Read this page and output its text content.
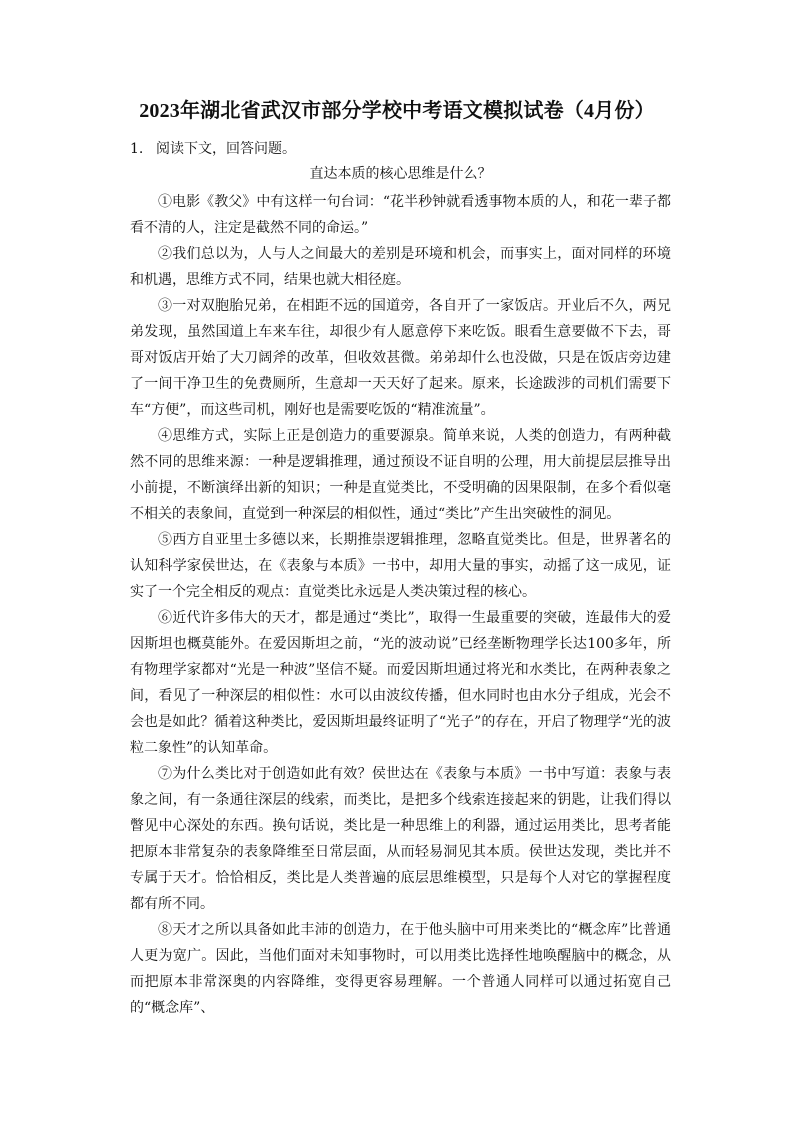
2023年湖北省武汉市部分学校中考语文模拟试卷（4月份）
1. 阅读下文，回答问题。
直达本质的核心思维是什么？

①电影《教父》中有这样一句台词：“花半秒钟就看透事物本质的人，和花一辈子都看不清的人，注定是截然不同的命运。”

②我们总以为，人与人之间最大的差别是环境和机会，而事实上，面对同样的环境和机遇，思维方式不同，结果也就大相径庭。

③一对双胞胎兄弟，在相距不远的国道旁，各自开了一家饭店。开业后不久，两兄弟发现，虽然国道上车来车往，却很少有人愿意停下来吃饭。眼看生意要做不下去，哥哥对饭店开始了大刀阔斧的改革，但收效甚微。弟弟却什么也没做，只是在饭店旁边建了一间干净卫生的免费厕所，生意却一天天好了起来。原来，长途跋涉的司机们需要下车“方便”，而这些司机，刚好也是需要吃饭的“精准流量”。

④思维方式，实际上正是创造力的重要源泉。简单来说，人类的创造力，有两种截然不同的思维来源：一种是逻辑推理，通过预设不证自明的公理，用大前提层层推导出小前提，不断演绎出新的知识；一种是直觉类比，不受明确的因果限制，在多个看似毫不相关的表象间，直觉到一种深层的相似性，通过“类比”产生出突破性的洞见。

⑤西方自亚里士多德以来，长期推崇逻辑推理，忽略直觉类比。但是，世界著名的认知科学家侯世达，在《表象与本质》一书中，却用大量的事实，动摇了这一成见，证实了一个完全相反的观点：直觉类比永远是人类决策过程的核心。

⑥近代许多伟大的天才，都是通过“类比”，取得一生最重要的突破，连最伟大的爱因斯坦也概莫能外。在爱因斯坦之前，“光的波动说”已经垄断物理学长达100多年，所有物理学家都对“光是一种波”坚信不疑。而爱因斯坦通过将光和水类比，在两种表象之间，看见了一种深层的相似性：水可以由波纹传播，但水同时也由水分子组成，光会不会也是如此？循着这种类比，爱因斯坦最终证明了“光子”的存在，开启了物理学“光的波粒二象性”的认知革命。

⑦为什么类比对于创造如此有效？侯世达在《表象与本质》一书中写道：表象与表象之间，有一条通往深层的线索，而类比，是把多个线索连接起来的钥匙，让我们得以瞥见中心深处的东西。换句话说，类比是一种思维上的利器，通过运用类比，思考者能把原本非常复杂的表象降维至日常层面，从而轻易洞见其本质。侯世达发现，类比并不专属于天才。恰恰相反，类比是人类普遍的底层思维模型，只是每个人对它的掌握程度都有所不同。

⑧天才之所以具备如此丰沛的创造力，在于他头脑中可用来类比的“概念库”比普通人更为宽广。因此，当他们面对未知事物时，可以用类比选择性地唤醒脑中的概念，从而把原本非常深奥的内容降维，变得更容易理解。一个普通人同样可以通过拓宽自己的“概念库”、
